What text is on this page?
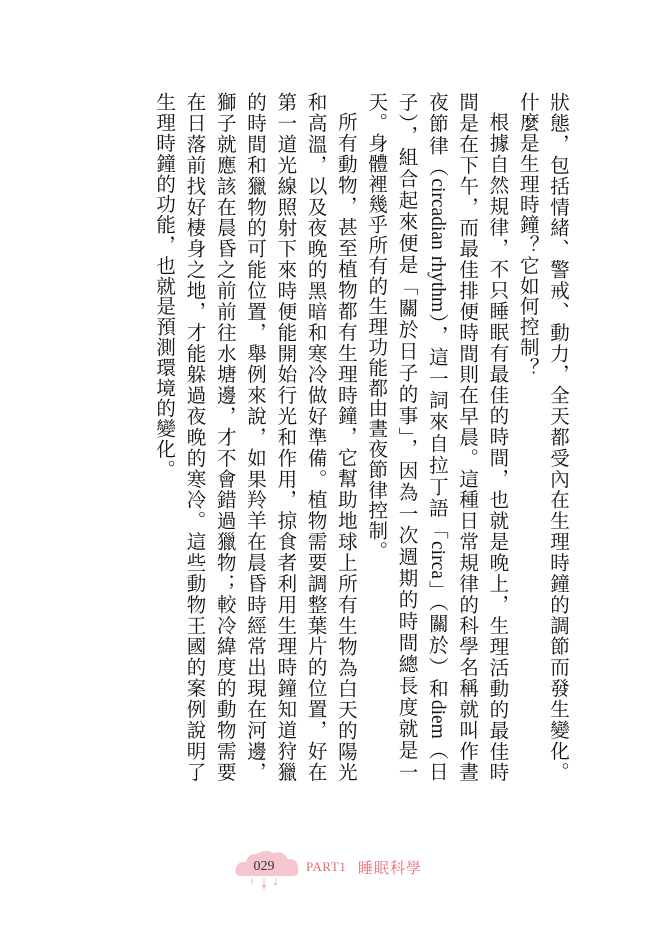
狀態，包括情緒、警戒、動力，全天都受內在生理時鐘的調節而發生變化。什麼是生理時鐘？它如何控制？

根據自然規律，不只睡眠有最佳的時間，也就是晚上，生理活動的最佳時間是在下午，而最佳排便時間則在早晨。這種日常規律的科學名稱就叫作晝夜節律（circadian rhythm），這一詞來自拉丁語「circa」（關於）和diem（日子），組合起來便是「關於日子的事」，因為一次週期的時間總長度就是一天。身體裡幾乎所有的生理功能都由晝夜節律控制。

所有動物，甚至植物都有生理時鐘，它幫助地球上所有生物為白天的陽光和高溫，以及夜晚的黑暗和寒冷做好準備。植物需要調整葉片的位置，好在第一道光線照射下來時便能開始行光和作用，掠食者利用生理時鐘知道狩獵的時間和獵物的可能位置，舉例來說，如果羚羊在晨昏時經常出現在河邊，獅子就應該在晨昏之前前往水塘邊，才不會錯過獵物；較冷緯度的動物需要在日落前找好棲身之地，才能躲過夜晚的寒冷。這些動物王國的案例說明了生理時鐘的功能，也就是預測環境的變化。

029	PART1 睡眠科學
